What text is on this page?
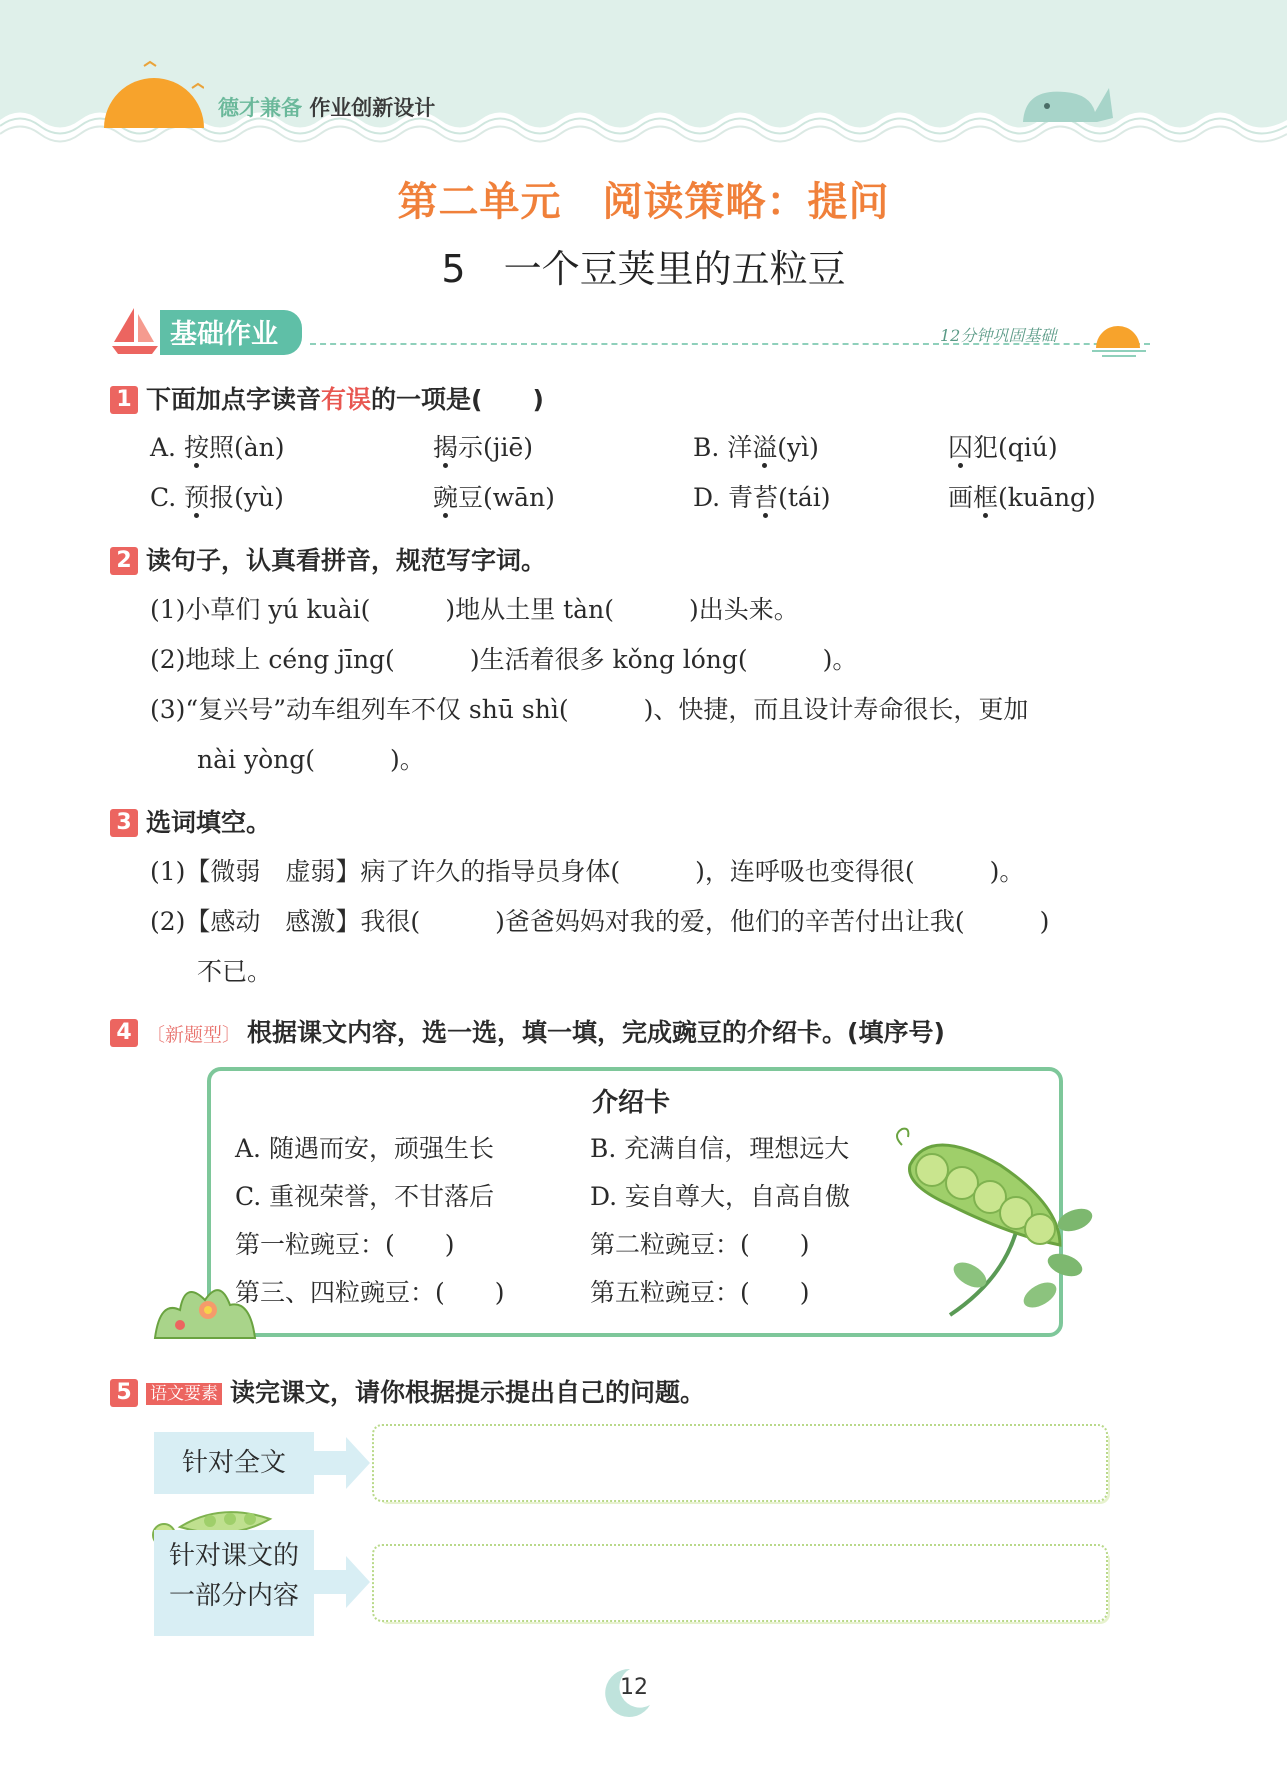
德才兼备 作业创新设计
第二单元　阅读策略：提问
5　一个豆荚里的五粒豆
基础作业	12分钟巩固基础
1 下面加点字读音有误的一项是(　　)
A. 按照(àn)	揭示(jiē)	B. 洋溢(yì)	囚犯(qiú)
C. 预报(yù)	豌豆(wān)	D. 青苔(tái)	画框(kuāng)
2 读句子，认真看拼音，规范写字词。
(1)小草们 yú kuài(　　　)地从土里 tàn(　　　)出头来。
(2)地球上 céng jīng(　　　)生活着很多 kǒng lóng(　　　)。
(3)“复兴号”动车组列车不仅 shū shì(　　　)、快捷，而且设计寿命很长，更加
nài yòng(　　　)。
3 选词填空。
(1)【微弱　虚弱】病了许久的指导员身体(　　　)，连呼吸也变得很(　　　)。
(2)【感动　感激】我很(　　　)爸爸妈妈对我的爱，他们的辛苦付出让我(　　　)
不已。
4 〔新题型〕 根据课文内容，选一选，填一填，完成豌豆的介绍卡。(填序号)
介绍卡
A. 随遇而安，顽强生长	B. 充满自信，理想远大
C. 重视荣誉，不甘落后	D. 妄自尊大，自高自傲
第一粒豌豆：(　　)	第二粒豌豆：(　　)
第三、四粒豌豆：(　　)	第五粒豌豆：(　　)
5 语文要素 读完课文，请你根据提示提出自己的问题。
针对全文
针对课文的
一部分内容
12
